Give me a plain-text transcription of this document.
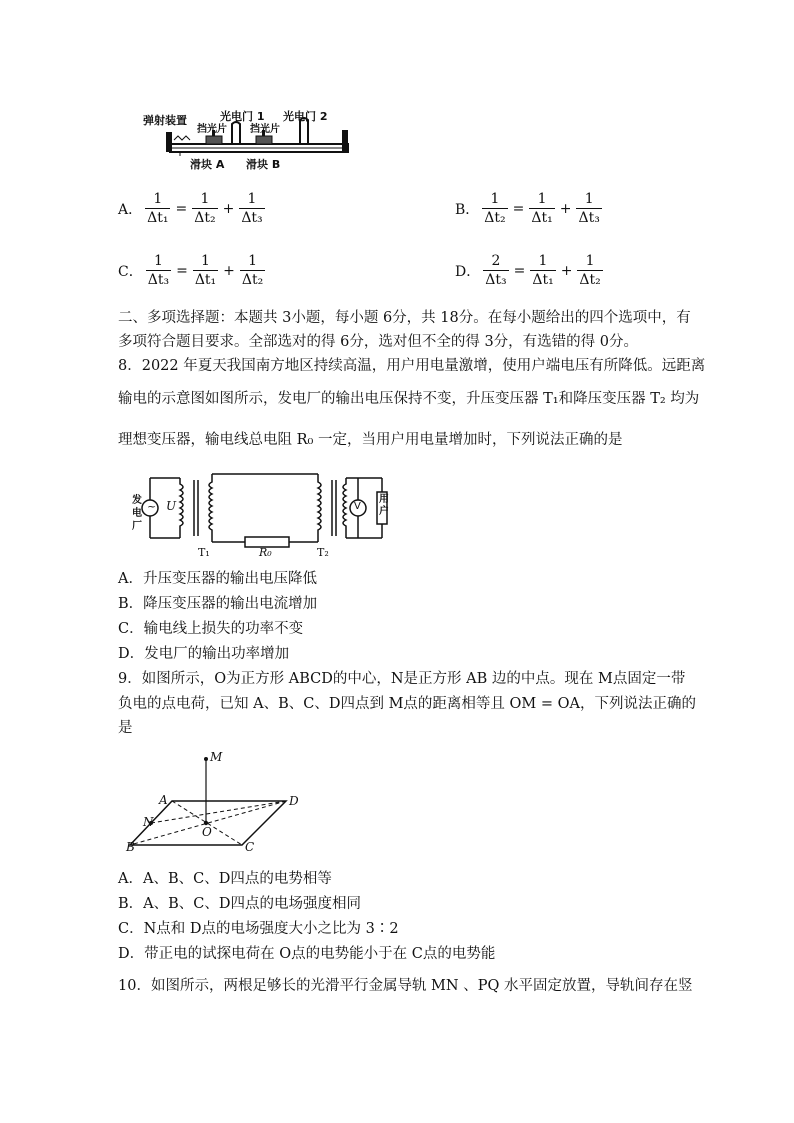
弹射装置	光电门 1 光电门 2
挡光片 挡光片
滑块 A 滑块 B
A． $\frac{1}{\text{Δt₁}} = \frac{1}{\text{Δt₂}} + \frac{1}{\text{Δt₃}}$	B． $\frac{1}{\text{Δt₂}} = \frac{1}{\text{Δt₁}} + \frac{1}{\text{Δt₃}}$
C． $\frac{1}{\text{Δt₃}} = \frac{1}{\text{Δt₁}} + \frac{1}{\text{Δt₂}}$	D． $\frac{2}{\text{Δt₃}} = \frac{1}{\text{Δt₁}} + \frac{1}{\text{Δt₂}}$
二、多项选择题：本题共 3小题，每小题 6分，共 18分。在每小题给出的四个选项中，有
多项符合题目要求。全部选对的得 6分，选对但不全的得 3分，有选错的得 0分。
8．2022 年夏天我国南方地区持续高温，用户用电量激增，使用户端电压有所降低。远距离
输电的示意图如图所示，发电厂的输出电压保持不变，升压变压器 T₁和降压变压器 T₂ 均为
理想变压器，输电线总电阻 R₀ 一定，当用户用电量增加时，下列说法正确的是
发电厂
~ U	V
用户
T₁	R₀	T₂
A．升压变压器的输出电压降低
B．降压变压器的输出电流增加
C．输电线上损失的功率不变
D．发电厂的输出功率增加
9．如图所示，O为正方形 ABCD的中心，N是正方形 AB 边的中点。现在 M点固定一带
负电的点电荷，已知 A、B、C、D四点到 M点的距离相等且 OM = OA，下列说法正确的
是
M
A	D
N
O
B	C
A．A、B、C、D四点的电势相等
B．A、B、C、D四点的电场强度相同
C．N点和 D点的电场强度大小之比为 3∶2
D．带正电的试探电荷在 O点的电势能小于在 C点的电势能
10．如图所示，两根足够长的光滑平行金属导轨 MN 、PQ 水平固定放置，导轨间存在竖
